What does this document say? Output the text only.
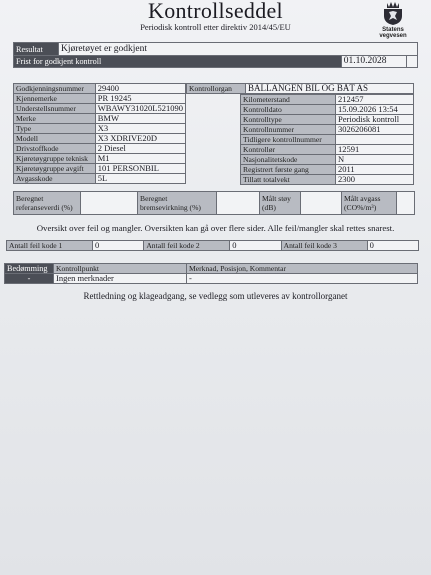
Kontrollseddel
Periodisk kontroll etter direktiv 2014/45/EU	Statens vegvesen
Resultat	Kjøretøyet er godkjent		
Frist for godkjent kontroll		01.10.2028	
Godkjenningsnummer	29400
Kjennemerke	PR 19245
Understellsnummer	WBAWY31020L521090
Merke	BMW
Type	X3
Modell	X3 XDRIVE20D
Drivstoffkode	2 Diesel
Kjøretøygruppe teknisk	M1
Kjøretøygruppe avgift	101 PERSONBIL
Avgasskode	5L
Kontrollorgan	BALLANGEN BIL OG BÅT AS
Kilometerstand	212457
Kontrolldato	15.09.2026 13:54
Kontrolltype	Periodisk kontroll
Kontrollnummer	3026206081
Tidligere kontrollnummer	
Kontrollør	12591
Nasjonalitetskode	N
Registrert første gang	2011
Tillatt totalvekt	2300
Beregnet referanseverdi (%)		Beregnet bremsevirkning (%)		Målt støy (dB)		Målt avgass (CO%/m³)	
Oversikt over feil og mangler. Oversikten kan gå over flere sider. Alle feil/mangler skal rettes snarest.
Antall feil kode 1	0	Antall feil kode 2	0	Antall feil kode 3	0
Bedømming	Kontrollpunkt	Merknad, Posisjon, Kommentar
-	Ingen merknader	-
Rettledning og klageadgang, se vedlegg som utleveres av kontrollorganet
